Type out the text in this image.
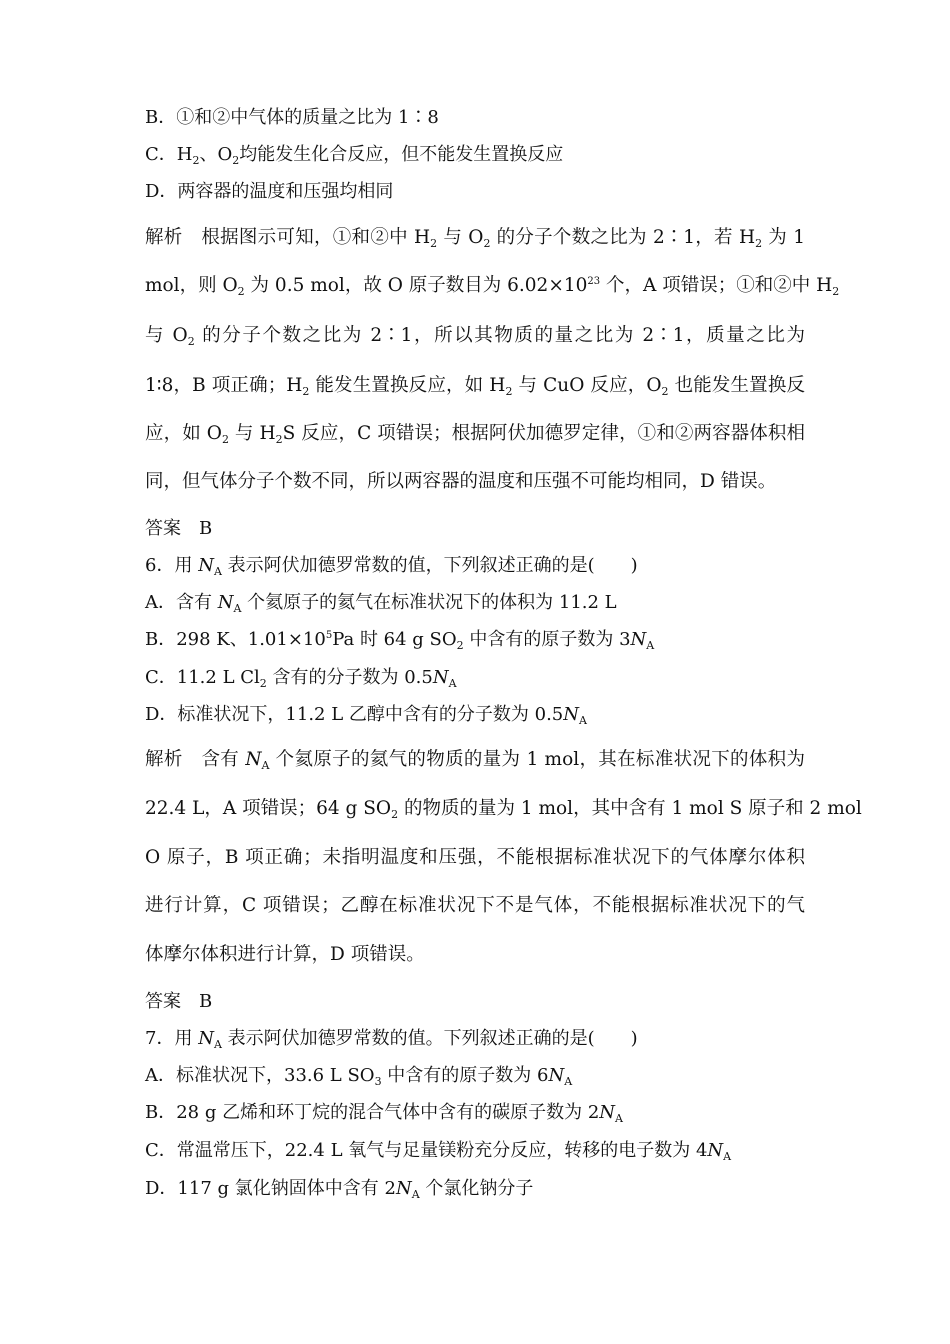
B．①和②中气体的质量之比为 1∶8
C．$H_2$、$O_2$均能发生化合反应，但不能发生置换反应
D．两容器的温度和压强均相同
解析　根据图示可知，①和②中 $H_2$ 与 $O_2$ 的分子个数之比为 2∶1，若 $H_2$ 为 1
mol，则 $O_2$ 为 0.5 mol，故 O 原子数目为 $6.02\times 10^{23}$ 个，A 项错误；①和②中 $H_2$
与 $O_2$ 的分子个数之比为 2∶1，所以其物质的量之比为 2∶1，质量之比为
1∶8，B 项正确；$H_2$ 能发生置换反应，如 $H_2$ 与 CuO 反应，$O_2$ 也能发生置换反
应，如 $O_2$ 与 $H_2S$ 反应，C 项错误；根据阿伏加德罗定律，①和②两容器体积相
同，但气体分子个数不同，所以两容器的温度和压强不可能均相同，D 错误。
答案　B
6．用 $N_A$ 表示阿伏加德罗常数的值，下列叙述正确的是(　　)
A．含有 $N_A$ 个氦原子的氦气在标准状况下的体积为 11.2 L
B．298 K、$1.01\times 10^5Pa$ 时 64 g $SO_2$ 中含有的原子数为 $3N_A$
C．11.2 L $Cl_2$ 含有的分子数为 $0.5N_A$
D．标准状况下，11.2 L 乙醇中含有的分子数为 $0.5N_A$
解析　含有 $N_A$ 个氦原子的氦气的物质的量为 1 mol，其在标准状况下的体积为
22.4 L，A 项错误；64 g $SO_2$ 的物质的量为 1 mol，其中含有 1 mol S 原子和 2 mol
O 原子，B 项正确；未指明温度和压强，不能根据标准状况下的气体摩尔体积
进行计算，C 项错误；乙醇在标准状况下不是气体，不能根据标准状况下的气
体摩尔体积进行计算，D 项错误。
答案　B
7．用 $N_A$ 表示阿伏加德罗常数的值。下列叙述正确的是(　　)
A．标准状况下，33.6 L $SO_3$ 中含有的原子数为 $6N_A$
B．28 g 乙烯和环丁烷的混合气体中含有的碳原子数为 $2N_A$
C．常温常压下，22.4 L 氧气与足量镁粉充分反应，转移的电子数为 $4N_A$
D．117 g 氯化钠固体中含有 $2N_A$ 个氯化钠分子
